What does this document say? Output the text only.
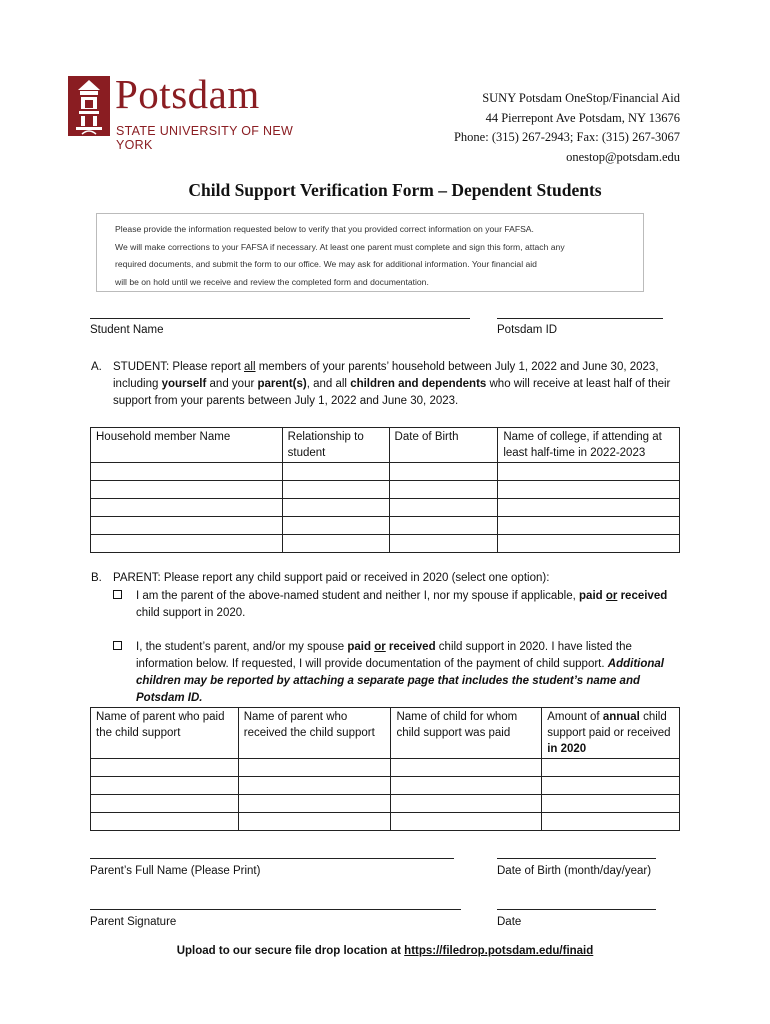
Potsdam
STATE UNIVERSITY OF NEW YORK
SUNY Potsdam OneStop/Financial Aid
44 Pierrepont Ave Potsdam, NY 13676
Phone: (315) 267-2943; Fax: (315) 267-3067
onestop@potsdam.edu
Child Support Verification Form – Dependent Students

Please provide the information requested below to verify that you provided correct information on your FAFSA.

We will make corrections to your FAFSA if necessary. At least one parent must complete and sign this form, attach any

required documents, and submit the form to our office. We may ask for additional information. Your financial aid

will be on hold until we receive and review the completed form and documentation.

Student Name	Potsdam ID
A. STUDENT: Please report all members of your parents’ household between July 1, 2022 and June 30, 2023,
including yourself and your parent(s), and all children and dependents who will receive at least half of their
support from your parents between July 1, 2022 and June 30, 2023.
Household member Name	Relationship to student	Date of Birth	Name of college, if attending at least half-time in 2022-2023

B. PARENT: Please report any child support paid or received in 2020 (select one option):
I am the parent of the above-named student and neither I, nor my spouse if applicable, paid or received
child support in 2020.
I, the student’s parent, and/or my spouse paid or received child support in 2020. I have listed the
information below. If requested, I will provide documentation of the payment of child support. Additional
children may be reported by attaching a separate page that includes the student’s name and Potsdam ID.
Name of parent who paid the child support	Name of parent who received the child support	Name of child for whom child support was paid	Amount of annual child support paid or received in 2020

Parent’s Full Name (Please Print)	Date of Birth (month/day/year)
Parent Signature	Date
Upload to our secure file drop location at https://filedrop.potsdam.edu/finaid
